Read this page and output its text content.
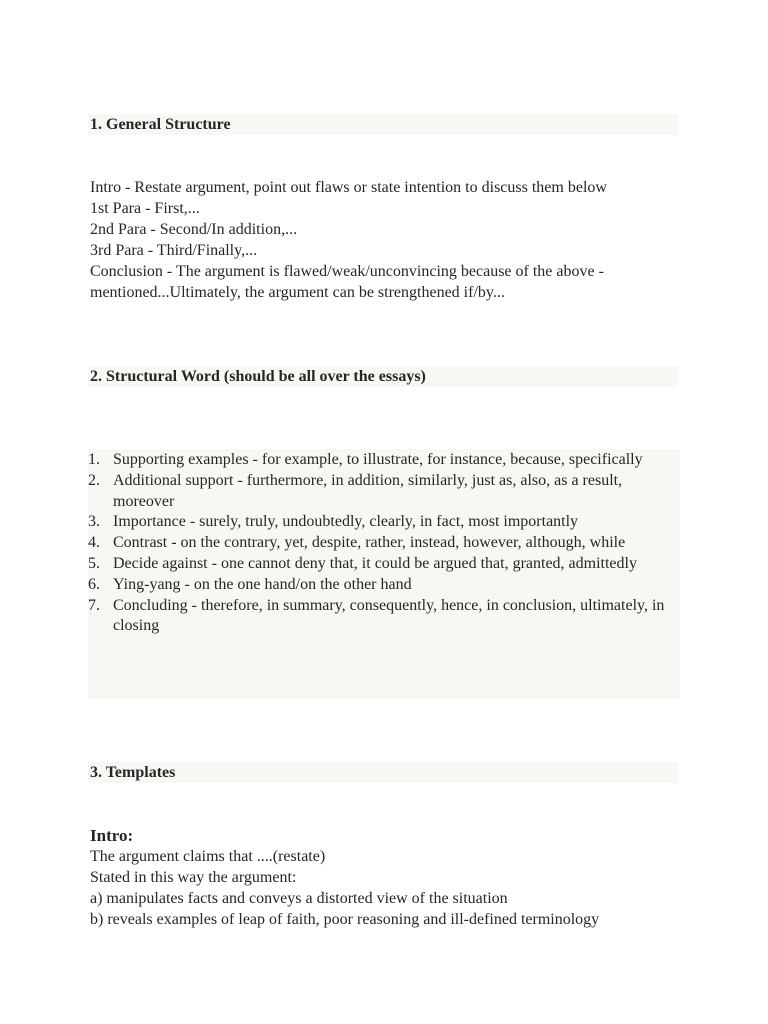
1. General Structure
Intro - Restate argument, point out flaws or state intention to discuss them below
1st Para - First,...
2nd Para - Second/In addition,...
3rd Para - Third/Finally,...
Conclusion - The argument is flawed/weak/unconvincing because of the above -
mentioned...Ultimately, the argument can be strengthened if/by...
2. Structural Word (should be all over the essays)
1. Supporting examples - for example, to illustrate, for instance, because, specifically
2. Additional support - furthermore, in addition, similarly, just as, also, as a result, moreover
3. Importance - surely, truly, undoubtedly, clearly, in fact, most importantly
4. Contrast - on the contrary, yet, despite, rather, instead, however, although, while
5. Decide against - one cannot deny that, it could be argued that, granted, admittedly
6. Ying-yang - on the one hand/on the other hand
7. Concluding - therefore, in summary, consequently, hence, in conclusion, ultimately, in closing
3. Templates
Intro:
The argument claims that ....(restate)
Stated in this way the argument:
a) manipulates facts and conveys a distorted view of the situation
b) reveals examples of leap of faith, poor reasoning and ill-defined terminology
